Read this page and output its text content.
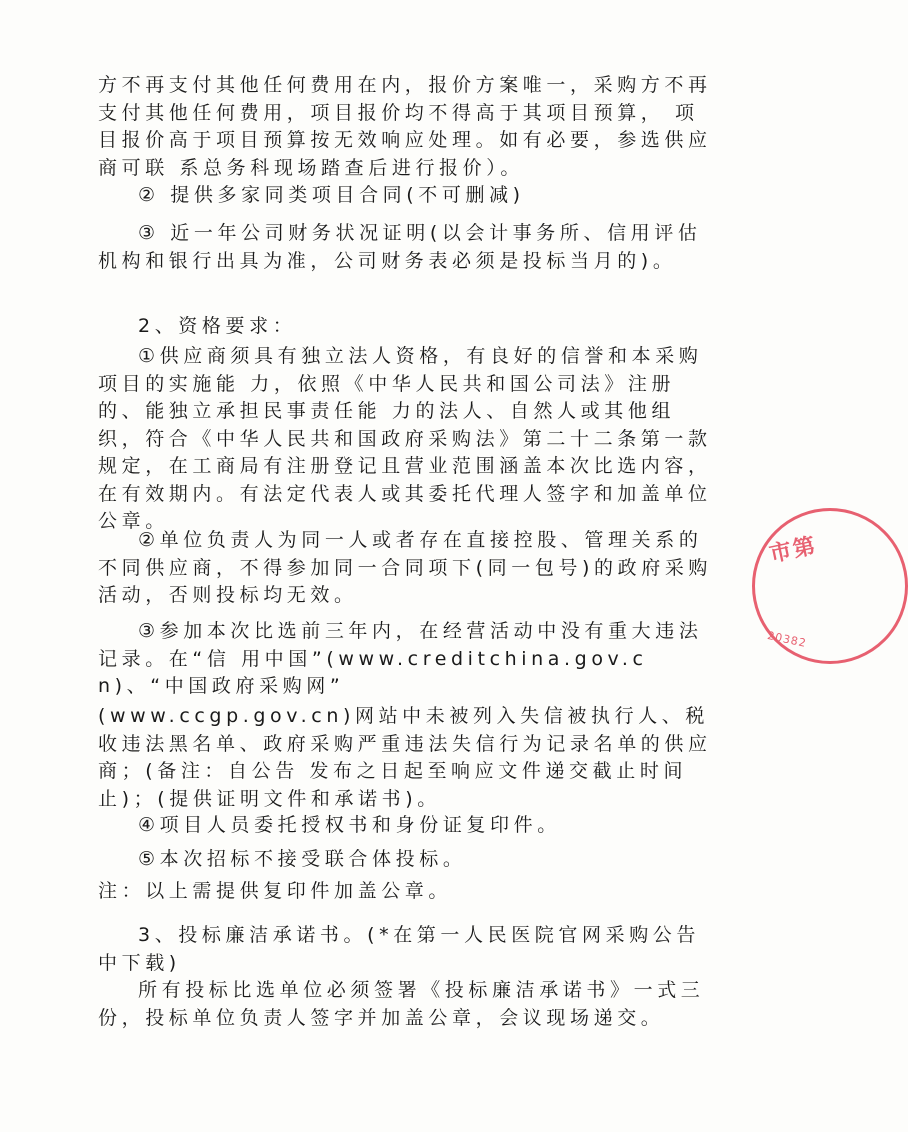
方不再支付其他任何费用在内，报价方案唯一，采购方不再支付其他任何费用，项目报价均不得高于其项目预算， 项目报价高于项目预算按无效响应处理。如有必要，参选供应商可联 系总务科现场踏查后进行报价）。

② 提供多家同类项目合同(不可删减)

③ 近一年公司财务状况证明(以会计事务所、信用评估机构和银行出具为准，公司财务表必须是投标当月的)。

2、资格要求：

①供应商须具有独立法人资格，有良好的信誉和本采购项目的实施能 力，依照《中华人民共和国公司法》注册的、能独立承担民事责任能 力的法人、自然人或其他组织，符合《中华人民共和国政府采购法》第二十二条第一款规定，在工商局有注册登记且营业范围涵盖本次比选内容，在有效期内。有法定代表人或其委托代理人签字和加盖单位公章。

②单位负责人为同一人或者存在直接控股、管理关系的不同供应商，不得参加同一合同项下(同一包号)的政府采购活动，否则投标均无效。

③参加本次比选前三年内，在经营活动中没有重大违法记录。在“信 用中国”(www.creditchina.gov.cn)、“中国政府采购网”

(www.ccgp.gov.cn)网站中未被列入失信被执行人、税收违法黑名单、政府采购严重违法失信行为记录名单的供应商；(备注：自公告 发布之日起至响应文件递交截止时间止)；(提供证明文件和承诺书)。

④项目人员委托授权书和身份证复印件。

⑤本次招标不接受联合体投标。

注：以上需提供复印件加盖公章。

3、投标廉洁承诺书。(*在第一人民医院官网采购公告中下载)

所有投标比选单位必须签署《投标廉洁承诺书》一式三份，投标单位负责人签字并加盖公章，会议现场递交。

市第
20382
